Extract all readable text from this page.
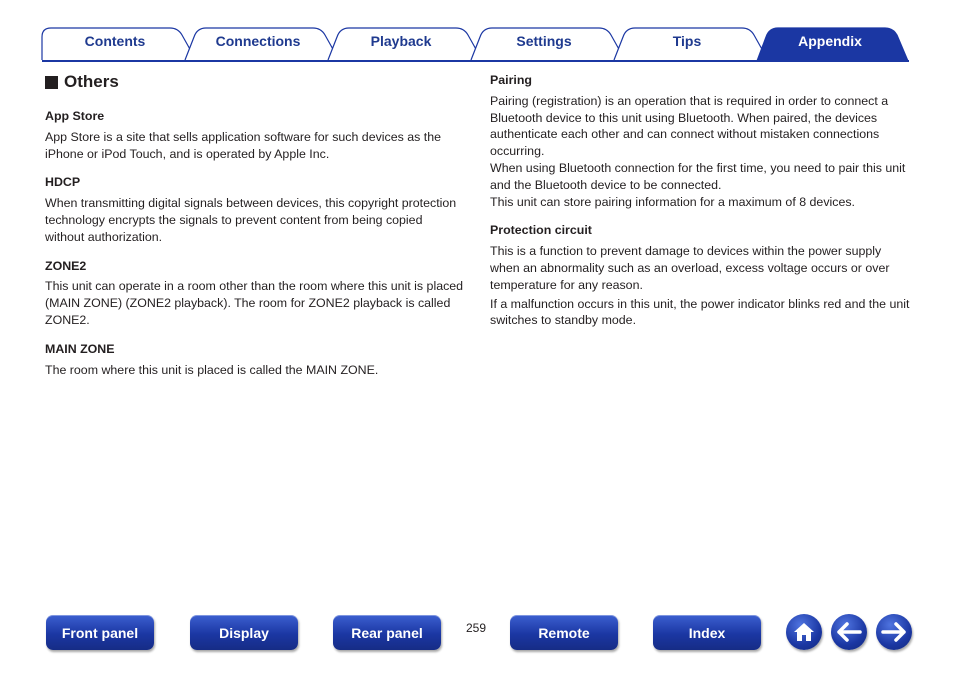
Contents	Connections	Playback	Settings	Tips	Appendix
Others

App Store

App Store is a site that sells application software for such devices as the iPhone or iPod Touch, and is operated by Apple Inc.

HDCP

When transmitting digital signals between devices, this copyright protection technology encrypts the signals to prevent content from being copied without authorization.

ZONE2

This unit can operate in a room other than the room where this unit is placed (MAIN ZONE) (ZONE2 playback). The room for ZONE2 playback is called ZONE2.

MAIN ZONE

The room where this unit is placed is called the MAIN ZONE.

Pairing

Pairing (registration) is an operation that is required in order to connect a Bluetooth device to this unit using Bluetooth. When paired, the devices authenticate each other and can connect without mistaken connections occurring.

When using Bluetooth connection for the first time, you need to pair this unit and the Bluetooth device to be connected.

This unit can store pairing information for a maximum of 8 devices.

Protection circuit

This is a function to prevent damage to devices within the power supply when an abnormality such as an overload, excess voltage occurs or over temperature for any reason.

If a malfunction occurs in this unit, the power indicator blinks red and the unit switches to standby mode.

Front panel	Display	Rear panel	259	Remote	Index
